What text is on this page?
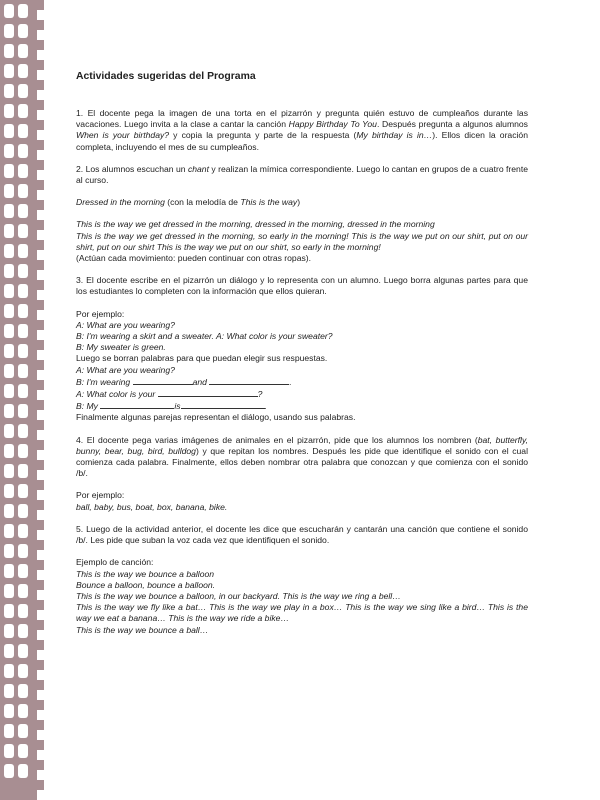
Actividades sugeridas del Programa

1. El docente pega la imagen de una torta en el pizarrón y pregunta quién estuvo de cumpleaños durante las vacaciones. Luego invita a la clase a cantar la canción Happy Birthday To You. Después pregunta a algunos alumnos When is your birthday? y copia la pregunta y parte de la respuesta (My birthday is in…). Ellos dicen la oración completa, incluyendo el mes de su cumpleaños.

2. Los alumnos escuchan un chant y realizan la mímica correspondiente. Luego lo cantan en grupos de a cuatro frente al curso.

Dressed in the morning (con la melodía de This is the way)

This is the way we get dressed in the morning, dressed in the morning, dressed in the morning
This is the way we get dressed in the morning, so early in the morning! This is the way we put on our shirt, put on our shirt, put on our shirt This is the way we put on our shirt, so early in the morning!
(Actúan cada movimiento: pueden continuar con otras ropas).

3. El docente escribe en el pizarrón un diálogo y lo representa con un alumno. Luego borra algunas partes para que los estudiantes lo completen con la información que ellos quieran.

Por ejemplo:
A: What are you wearing?
B: I'm wearing a skirt and a sweater. A: What color is your sweater?
B: My sweater is green.
Luego se borran palabras para que puedan elegir sus respuestas.
A: What are you wearing?
B: I'm wearing	and	.
A: What color is your	?
B: My	is	.
Finalmente algunas parejas representan el diálogo, usando sus palabras.

4. El docente pega varias imágenes de animales en el pizarrón, pide que los alumnos los nombren (bat, butterfly, bunny, bear, bug, bird, bulldog) y que repitan los nombres. Después les pide que identifique el sonido con el cual comienza cada palabra. Finalmente, ellos deben nombrar otra palabra que conozcan y que comienza con el sonido /b/.

Por ejemplo:
ball, baby, bus, boat, box, banana, bike.

5. Luego de la actividad anterior, el docente les dice que escucharán y cantarán una canción que contiene el sonido /b/. Les pide que suban la voz cada vez que identifiquen el sonido.

Ejemplo de canción:
This is the way we bounce a balloon
Bounce a balloon, bounce a balloon.
This is the way we bounce a balloon, in our backyard. This is the way we ring a bell…
This is the way we fly like a bat… This is the way we play in a box… This is the way we sing like a bird… This is the way we eat a banana… This is the way we ride a bike…
This is the way we bounce a ball…
